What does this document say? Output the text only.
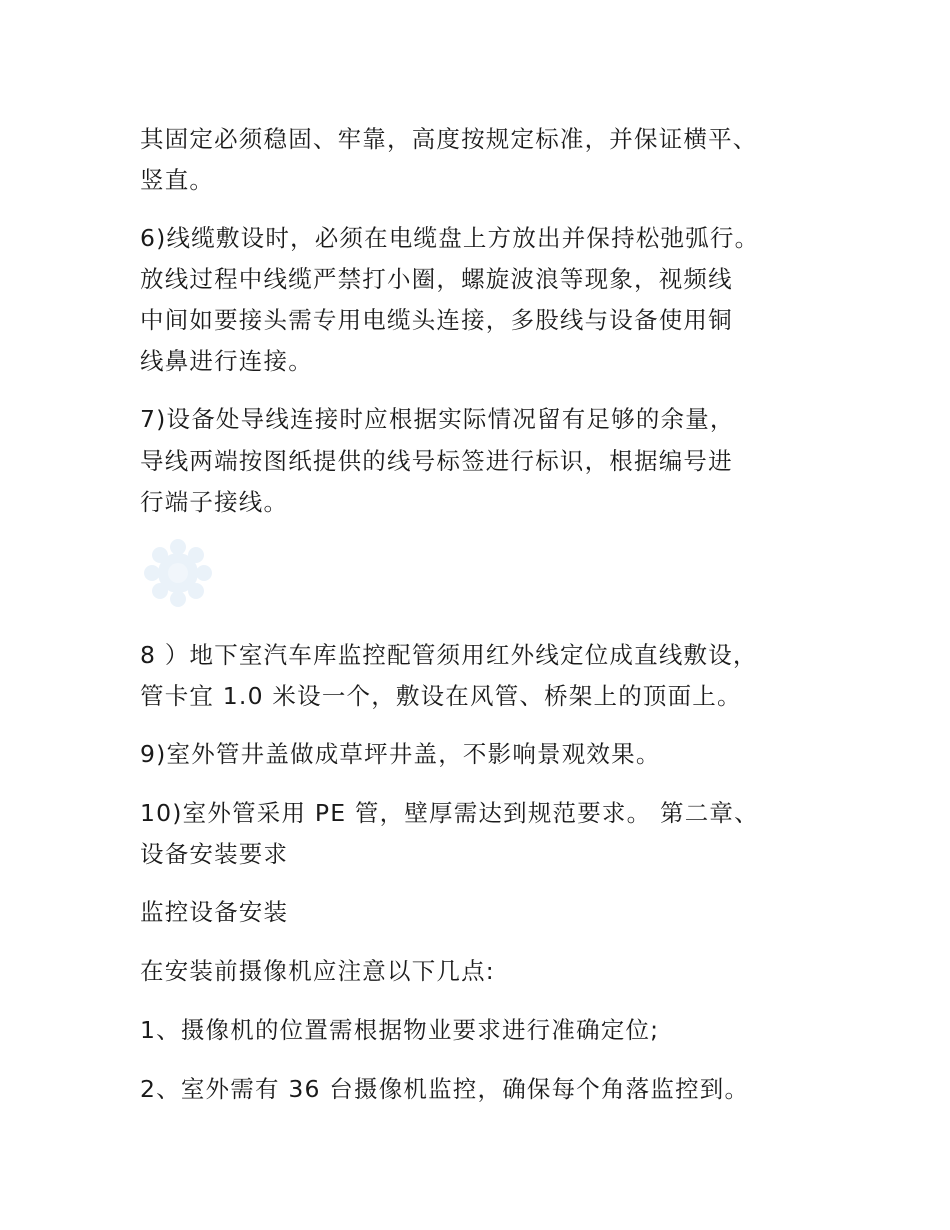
其固定必须稳固、牢靠，高度按规定标准，并保证横平、
竖直。
6)线缆敷设时，必须在电缆盘上方放出并保持松弛弧行。
放线过程中线缆严禁打小圈，螺旋波浪等现象，视频线
中间如要接头需专用电缆头连接，多股线与设备使用铜
线鼻进行连接。
7)设备处导线连接时应根据实际情况留有足够的余量，
导线两端按图纸提供的线号标签进行标识，根据编号进
行端子接线。
8 ）地下室汽车库监控配管须用红外线定位成直线敷设，
管卡宜 1.0 米设一个，敷设在风管、桥架上的顶面上。
9)室外管井盖做成草坪井盖，不影响景观效果。
10)室外管采用 PE 管，壁厚需达到规范要求。 第二章、
设备安装要求
监控设备安装
在安装前摄像机应注意以下几点:
1、摄像机的位置需根据物业要求进行准确定位;
2、室外需有 36 台摄像机监控，确保每个角落监控到。
